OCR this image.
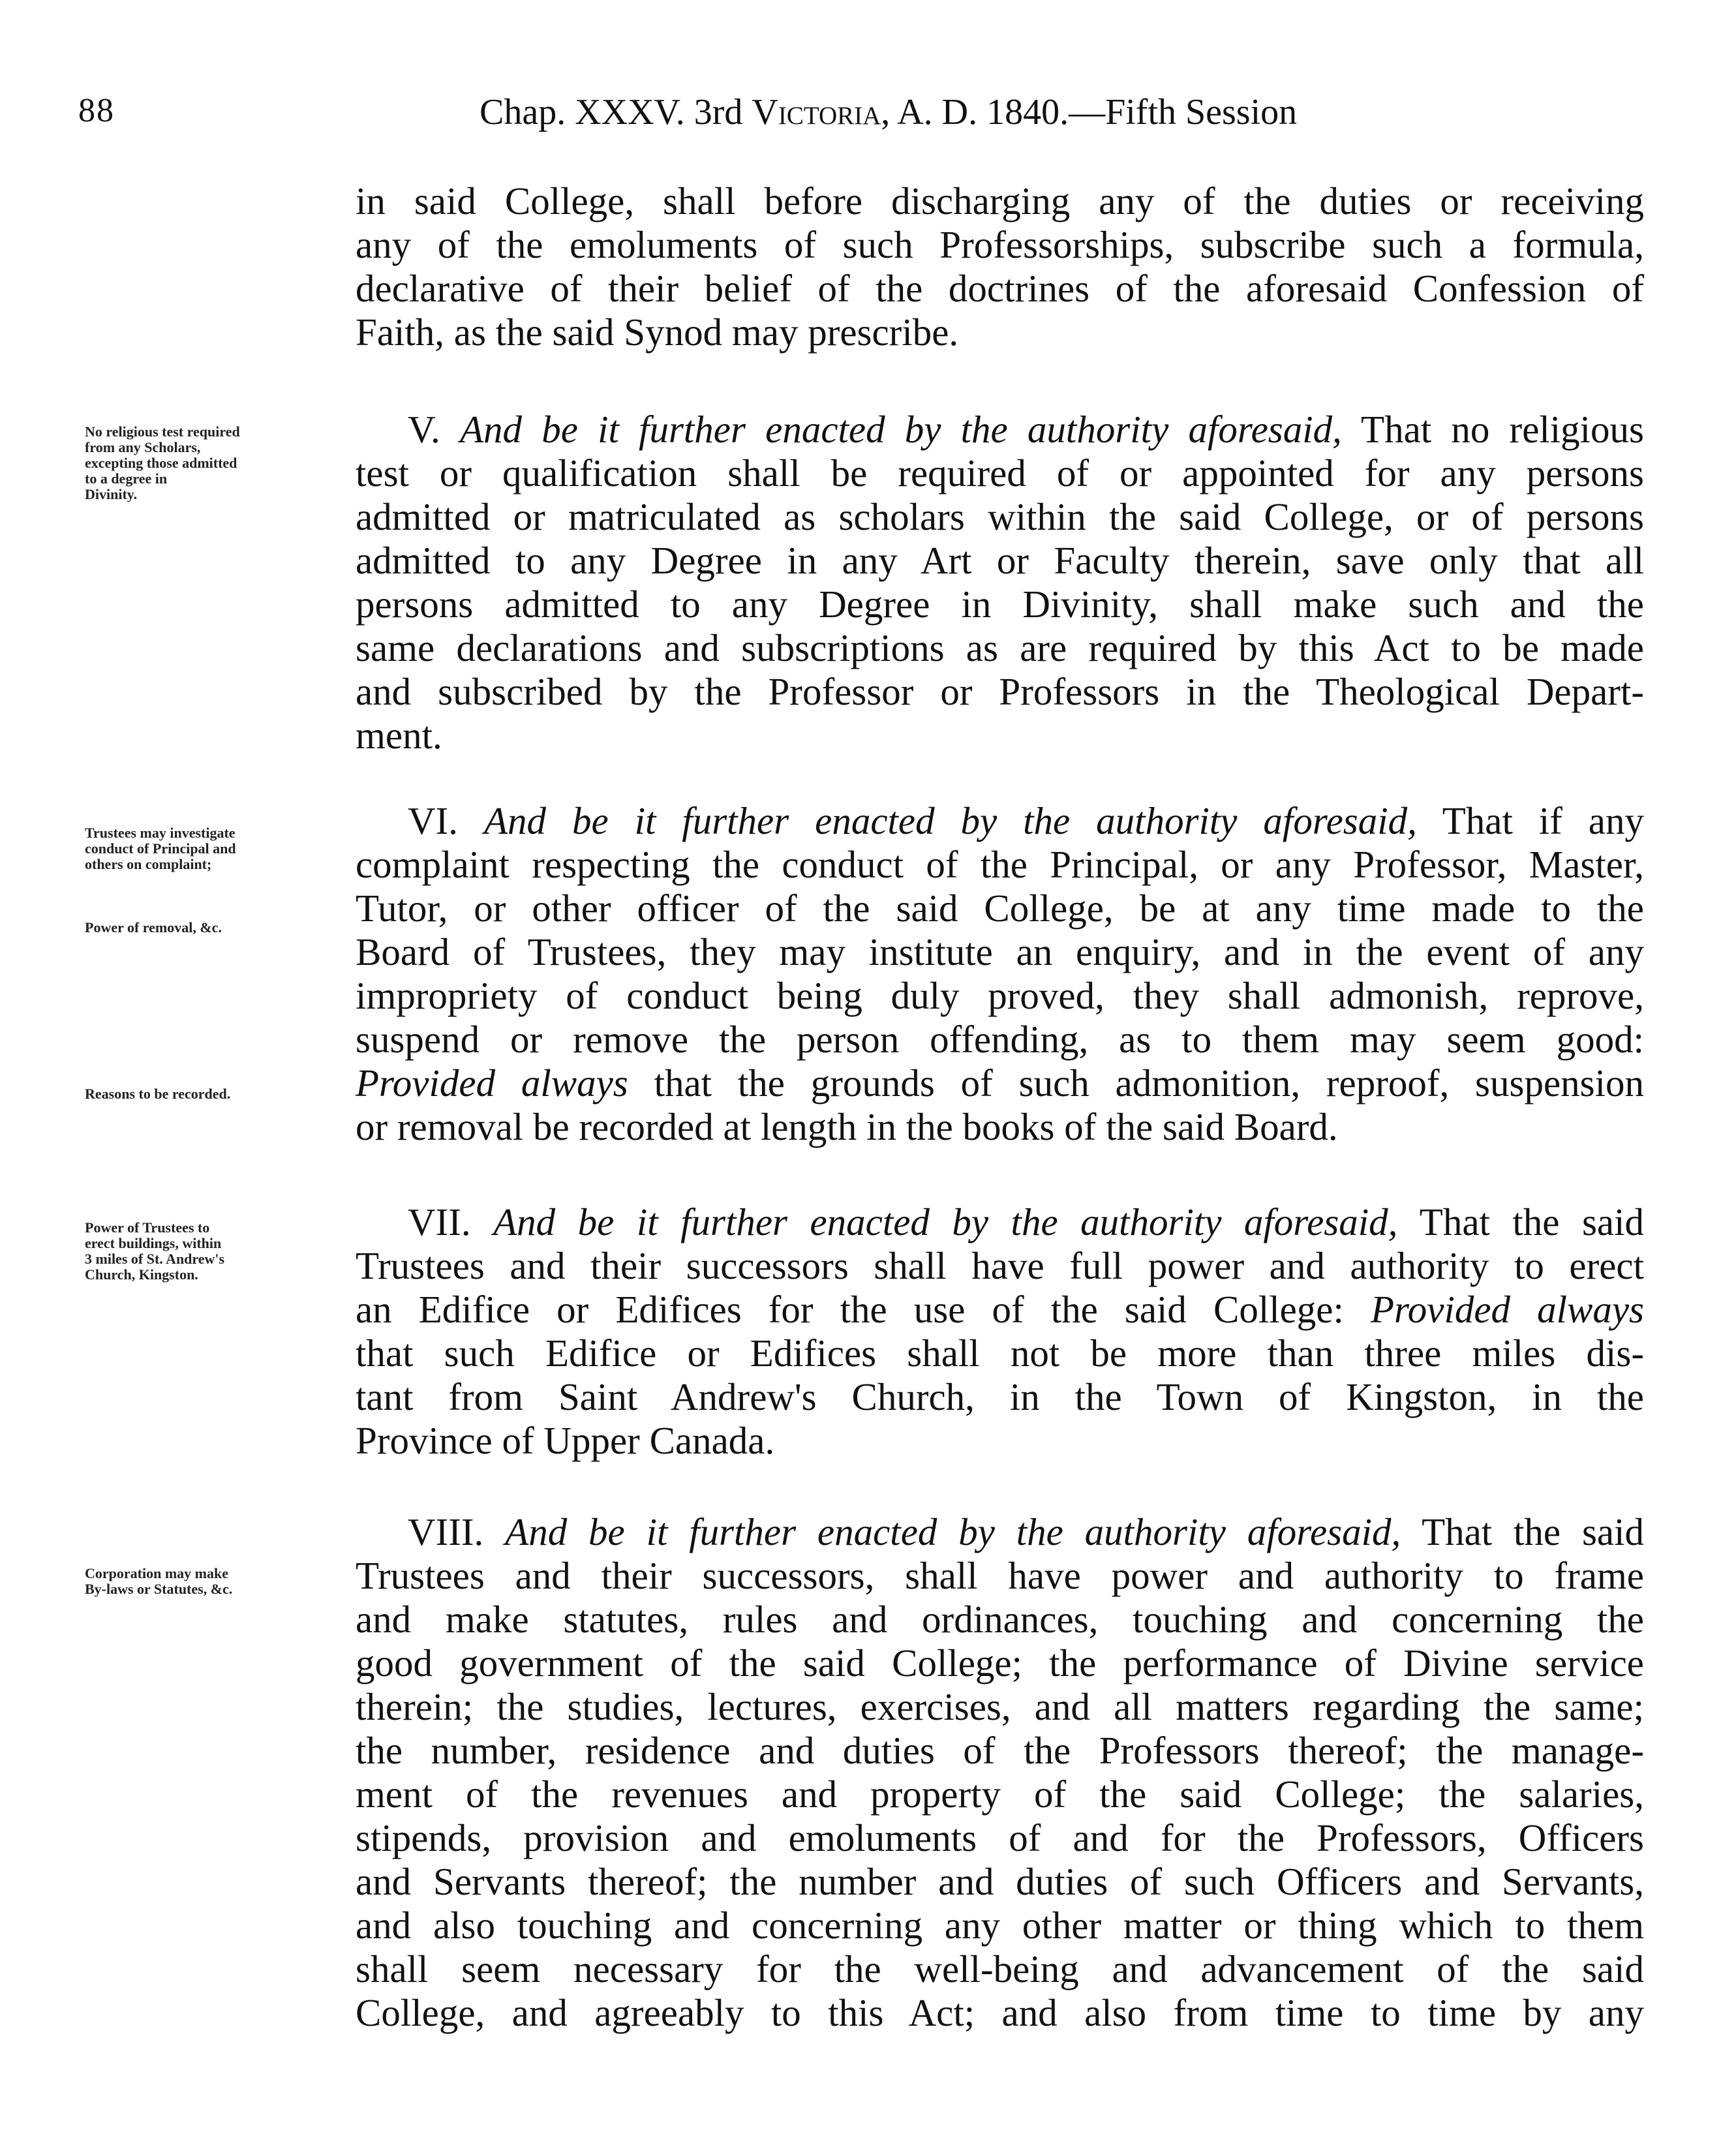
88	Chap. XXXV. 3rd Victoria, A. D. 1840.—Fifth Session
in said College, shall before discharging any of the duties or receiving
any of the emoluments of such Professorships, subscribe such a formula,
declarative of their belief of the doctrines of the aforesaid Confession of
Faith, as the said Synod may prescribe.
No religious test required
from any Scholars,
excepting those admitted
to a degree in
Divinity.
V. And be it further enacted by the authority aforesaid, That no religious
test or qualification shall be required of or appointed for any persons
admitted or matriculated as scholars within the said College, or of persons
admitted to any Degree in any Art or Faculty therein, save only that all
persons admitted to any Degree in Divinity, shall make such and the
same declarations and subscriptions as are required by this Act to be made
and subscribed by the Professor or Professors in the Theological Depart-
ment.
Trustees may investigate
conduct of Principal and
others on complaint;
Power of removal, &c.
Reasons to be recorded.
VI. And be it further enacted by the authority aforesaid, That if any
complaint respecting the conduct of the Principal, or any Professor, Master,
Tutor, or other officer of the said College, be at any time made to the
Board of Trustees, they may institute an enquiry, and in the event of any
impropriety of conduct being duly proved, they shall admonish, reprove,
suspend or remove the person offending, as to them may seem good:
Provided always that the grounds of such admonition, reproof, suspension
or removal be recorded at length in the books of the said Board.
Power of Trustees to
erect buildings, within
3 miles of St. Andrew's
Church, Kingston.
VII. And be it further enacted by the authority aforesaid, That the said
Trustees and their successors shall have full power and authority to erect
an Edifice or Edifices for the use of the said College: Provided always
that such Edifice or Edifices shall not be more than three miles dis-
tant from Saint Andrew's Church, in the Town of Kingston, in the
Province of Upper Canada.
Corporation may make
By-laws or Statutes, &c.
VIII. And be it further enacted by the authority aforesaid, That the said
Trustees and their successors, shall have power and authority to frame
and make statutes, rules and ordinances, touching and concerning the
good government of the said College; the performance of Divine service
therein; the studies, lectures, exercises, and all matters regarding the same;
the number, residence and duties of the Professors thereof; the manage-
ment of the revenues and property of the said College; the salaries,
stipends, provision and emoluments of and for the Professors, Officers
and Servants thereof; the number and duties of such Officers and Servants,
and also touching and concerning any other matter or thing which to them
shall seem necessary for the well-being and advancement of the said
College, and agreeably to this Act; and also from time to time by any
